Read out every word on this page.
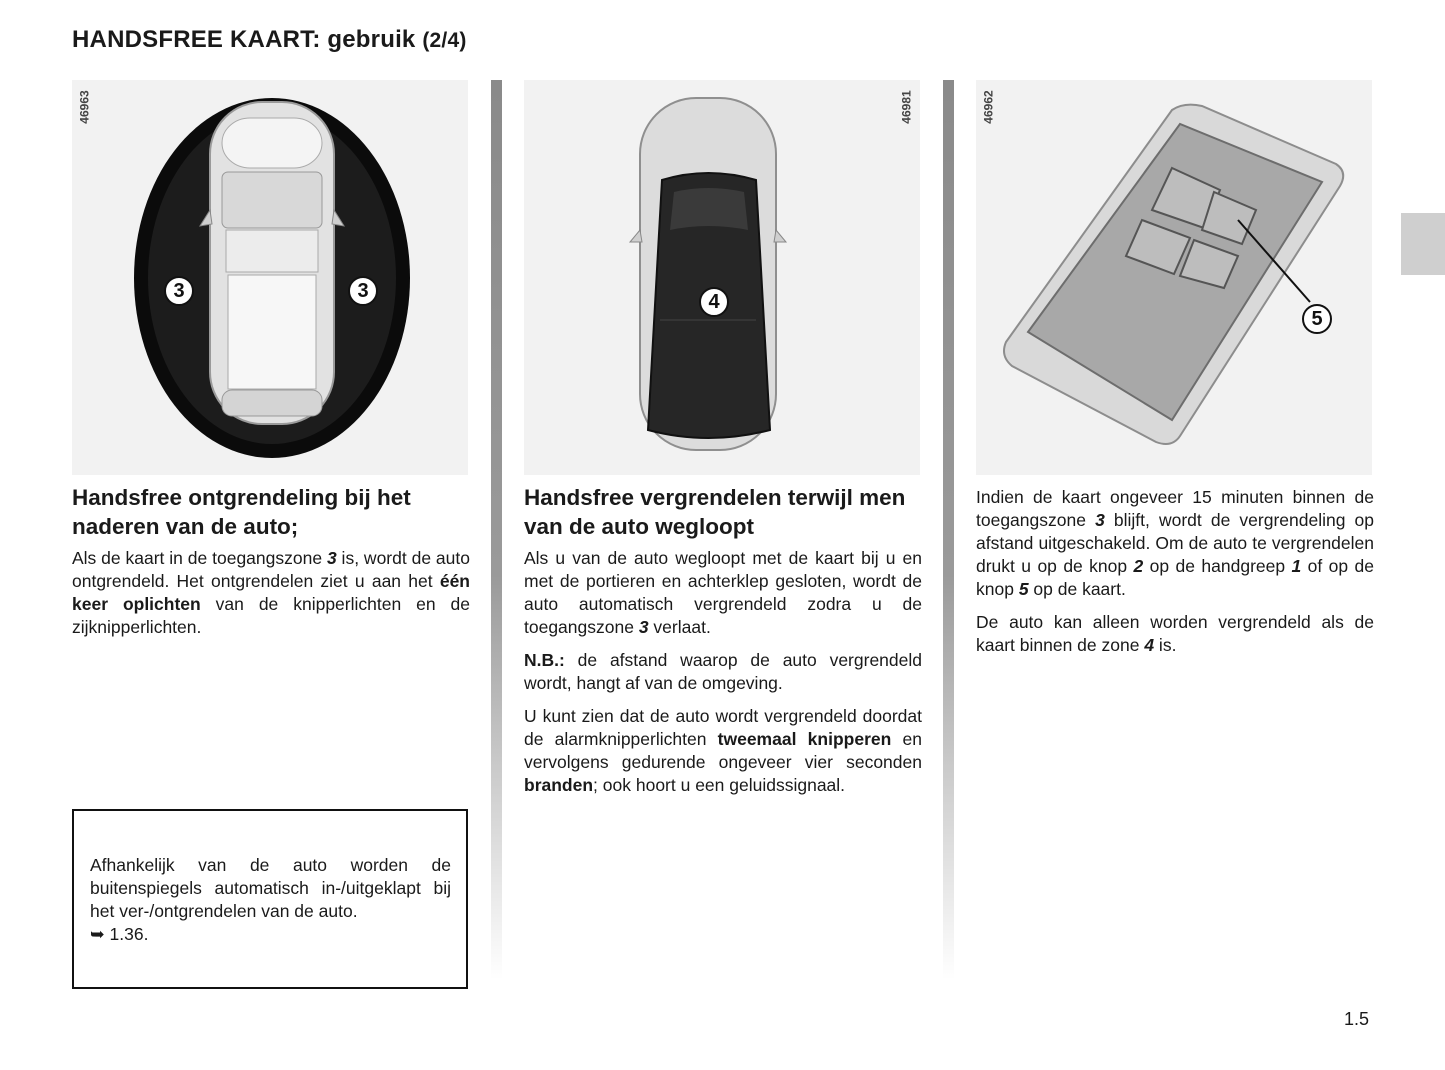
HANDSFREE KAART: gebruik (2/4)
46963
3	3
46981
4
46962
5
Handsfree ontgrendeling bij het naderen van de auto;

Als de kaart in de toegangszone 3 is, wordt de auto ontgrendeld. Het ontgrendelen ziet u aan het één keer oplichten van de knipperlichten en de zijknipperlichten.

Afhankelijk van de auto worden de buitenspiegels automatisch in-/uitgeklapt bij het ver-/ontgrendelen van de auto.
➥ 1.36.

Handsfree vergrendelen terwijl men van de auto wegloopt

Als u van de auto wegloopt met de kaart bij u en met de portieren en achterklep gesloten, wordt de auto automatisch vergrendeld zodra u de toegangszone 3 verlaat.

N.B.: de afstand waarop de auto vergrendeld wordt, hangt af van de omgeving.

U kunt zien dat de auto wordt vergrendeld doordat de alarmknipperlichten tweemaal knipperen en vervolgens gedurende ongeveer vier seconden branden; ook hoort u een geluidssignaal.

Indien de kaart ongeveer 15 minuten binnen de toegangszone 3 blijft, wordt de vergrendeling op afstand uitgeschakeld. Om de auto te vergrendelen drukt u op de knop 2 op de handgreep 1 of op de knop 5 op de kaart.

De auto kan alleen worden vergrendeld als de kaart binnen de zone 4 is.

1.5
